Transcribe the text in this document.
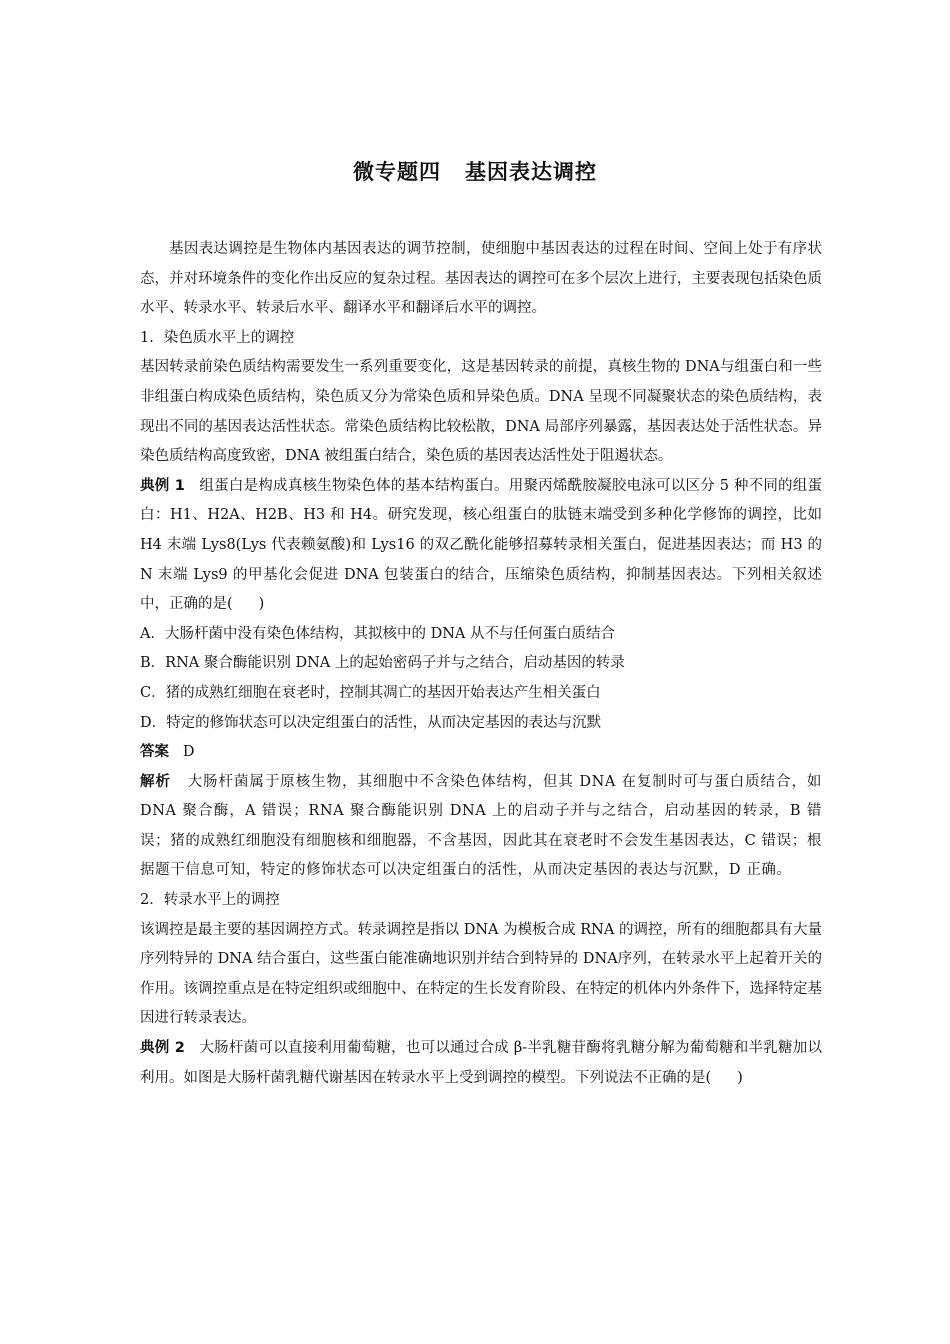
微专题四 基因表达调控

基因表达调控是生物体内基因表达的调节控制，使细胞中基因表达的过程在时间、空间上处于有序状态，并对环境条件的变化作出反应的复杂过程。基因表达的调控可在多个层次上进行，主要表现包括染色质水平、转录水平、转录后水平、翻译水平和翻译后水平的调控。

1．染色质水平上的调控

基因转录前染色质结构需要发生一系列重要变化，这是基因转录的前提，真核生物的 DNA与组蛋白和一些非组蛋白构成染色质结构，染色质又分为常染色质和异染色质。DNA 呈现不同凝聚状态的染色质结构，表现出不同的基因表达活性状态。常染色质结构比较松散，DNA 局部序列暴露，基因表达处于活性状态。异染色质结构高度致密，DNA 被组蛋白结合，染色质的基因表达活性处于阻遏状态。

典例 1 组蛋白是构成真核生物染色体的基本结构蛋白。用聚丙烯酰胺凝胶电泳可以区分 5 种不同的组蛋白：H1、H2A、H2B、H3 和 H4。研究发现，核心组蛋白的肽链末端受到多种化学修饰的调控，比如 H4 末端 Lys8(Lys 代表赖氨酸)和 Lys16 的双乙酰化能够招募转录相关蛋白，促进基因表达；而 H3 的 N 末端 Lys9 的甲基化会促进 DNA 包装蛋白的结合，压缩染色质结构，抑制基因表达。下列相关叙述中，正确的是( )

A．大肠杆菌中没有染色体结构，其拟核中的 DNA 从不与任何蛋白质结合

B．RNA 聚合酶能识别 DNA 上的起始密码子并与之结合，启动基因的转录

C．猪的成熟红细胞在衰老时，控制其凋亡的基因开始表达产生相关蛋白

D．特定的修饰状态可以决定组蛋白的活性，从而决定基因的表达与沉默

答案 D

解析 大肠杆菌属于原核生物，其细胞中不含染色体结构，但其 DNA 在复制时可与蛋白质结合，如 DNA 聚合酶，A 错误；RNA 聚合酶能识别 DNA 上的启动子并与之结合，启动基因的转录，B 错误；猪的成熟红细胞没有细胞核和细胞器，不含基因，因此其在衰老时不会发生基因表达，C 错误；根据题干信息可知，特定的修饰状态可以决定组蛋白的活性，从而决定基因的表达与沉默，D 正确。

2．转录水平上的调控

该调控是最主要的基因调控方式。转录调控是指以 DNA 为模板合成 RNA 的调控，所有的细胞都具有大量序列特异的 DNA 结合蛋白，这些蛋白能准确地识别并结合到特异的 DNA序列，在转录水平上起着开关的作用。该调控重点是在特定组织或细胞中、在特定的生长发育阶段、在特定的机体内外条件下，选择特定基因进行转录表达。

典例 2 大肠杆菌可以直接利用葡萄糖，也可以通过合成 β-半乳糖苷酶将乳糖分解为葡萄糖和半乳糖加以利用。如图是大肠杆菌乳糖代谢基因在转录水平上受到调控的模型。下列说法不正确的是( )
